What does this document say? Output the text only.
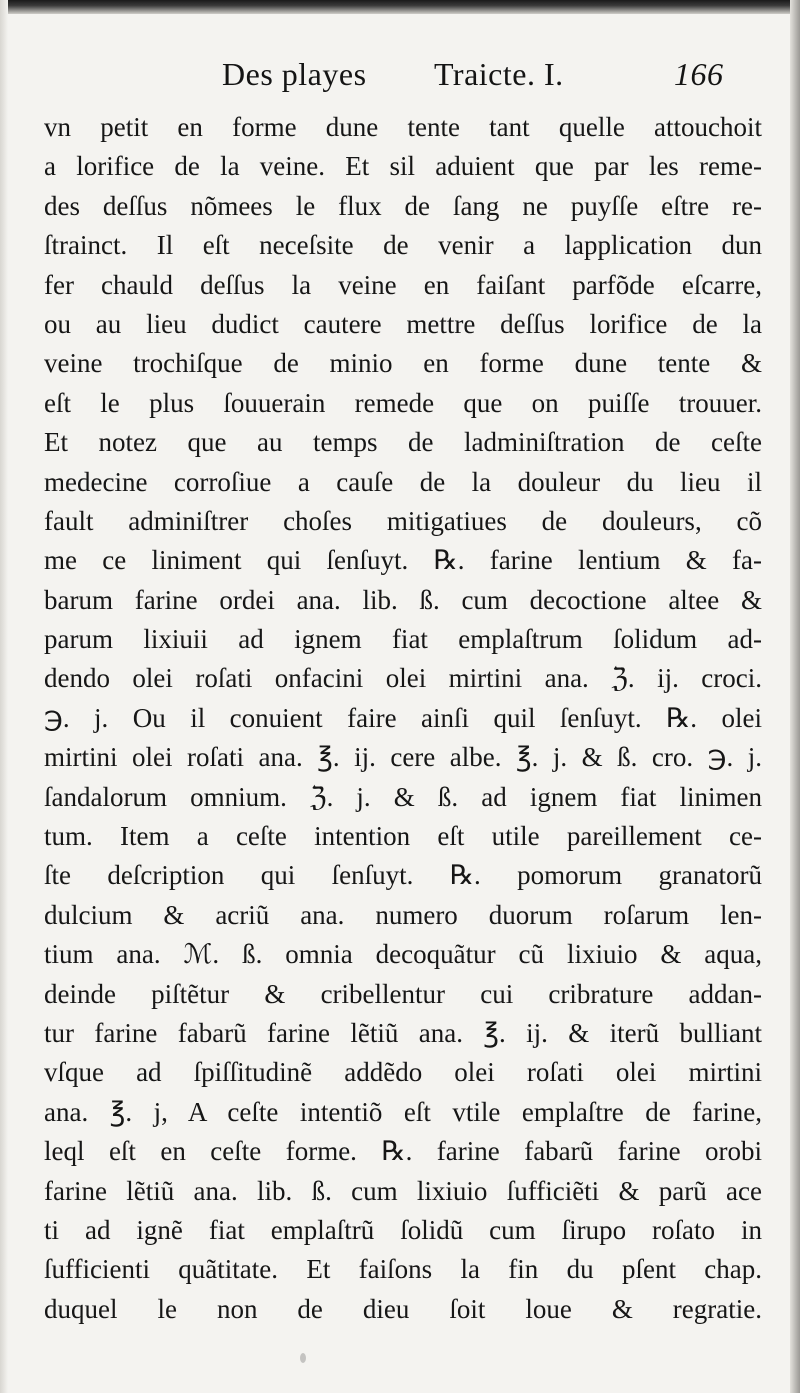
Des playes Traicte. I.	166
vn petit en forme dune tente tant quelle attouchoit
a lorifice de la veine. Et sil aduient que par les reme-
des deſſus nõmees le flux de ſang ne puyſſe eſtre re-
ſtrainct. Il eſt neceſsite de venir a lapplication dun
fer chauld deſſus la veine en faiſant parfõde eſcarre,
ou au lieu dudict cautere mettre deſſus lorifice de la
veine trochiſque de minio en forme dune tente &
eſt le plus ſouuerain remede que on puiſſe trouuer.
Et notez que au temps de ladminiſtration de ceſte
medecine corroſiue a cauſe de la douleur du lieu il
fault adminiſtrer choſes mitigatiues de douleurs, cõ
me ce liniment qui ſenſuyt. ℞. farine lentium & fa-
barum farine ordei ana. lib. ß. cum decoctione altee &
parum lixiuii ad ignem fiat emplaſtrum ſolidum ad-
dendo olei roſati onfacini olei mirtini ana. ℨ. ij. croci.
℈. j. Ou il conuient faire ainſi quil ſenſuyt. ℞. olei
mirtini olei roſati ana. ℥. ij. cere albe. ℥. j. & ß. cro. ℈. j.
ſandalorum omnium. ℨ. j. & ß. ad ignem fiat linimen
tum. Item a ceſte intention eſt utile pareillement ce-
ſte deſcription qui ſenſuyt. ℞. pomorum granatorũ
dulcium & acriũ ana. numero duorum roſarum len-
tium ana. ℳ. ß. omnia decoquãtur cũ lixiuio & aqua,
deinde piſtẽtur & cribellentur cui cribrature addan-
tur farine fabarũ farine lẽtiũ ana. ℥. ij. & iterũ bulliant
vſque ad ſpiſſitudinẽ addẽdo olei roſati olei mirtini
ana. ℥. j, A ceſte intentiõ eſt vtile emplaſtre de farine,
leql eſt en ceſte forme. ℞. farine fabarũ farine orobi
farine lẽtiũ ana. lib. ß. cum lixiuio ſufficiẽti & parũ ace
ti ad ignẽ fiat emplaſtrũ ſolidũ cum ſirupo roſato in
ſufficienti quãtitate. Et faiſons la fin du pſent chap.
duquel le non de dieu ſoit loue & regratie.
